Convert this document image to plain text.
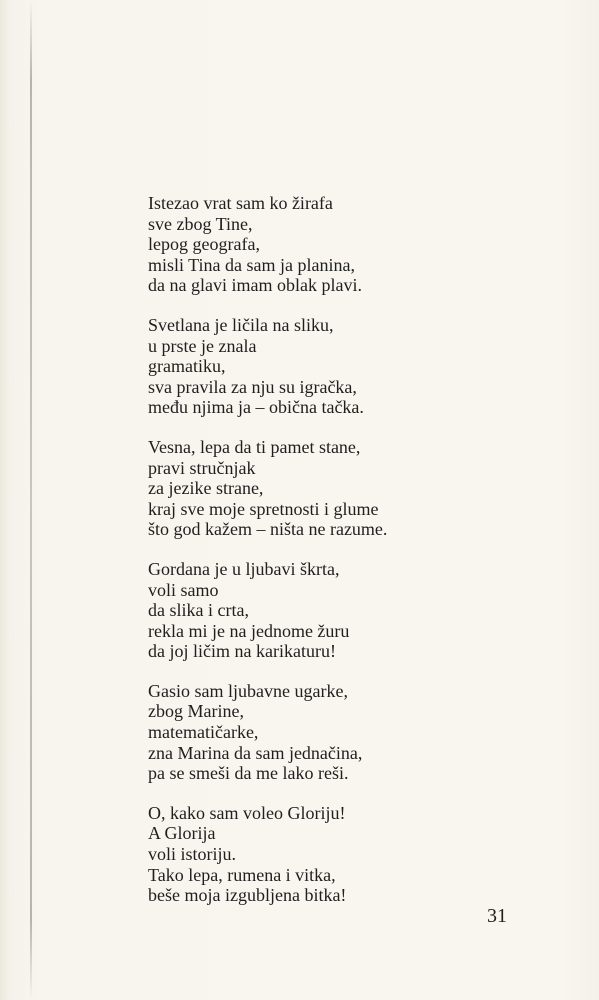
Istezao vrat sam ko žirafa
sve zbog Tine,
lepog geografa,
misli Tina da sam ja planina,
da na glavi imam oblak plavi.
Svetlana je ličila na sliku,
u prste je znala
gramatiku,
sva pravila za nju su igračka,
među njima ja – obična tačka.
Vesna, lepa da ti pamet stane,
pravi stručnjak
za jezike strane,
kraj sve moje spretnosti i glume
što god kažem – ništa ne razume.
Gordana je u ljubavi škrta,
voli samo
da slika i crta,
rekla mi je na jednome žuru
da joj ličim na karikaturu!
Gasio sam ljubavne ugarke,
zbog Marine,
matematičarke,
zna Marina da sam jednačina,
pa se smeši da me lako reši.
O, kako sam voleo Gloriju!
A Glorija
voli istoriju.
Tako lepa, rumena i vitka,
beše moja izgubljena bitka!
31
